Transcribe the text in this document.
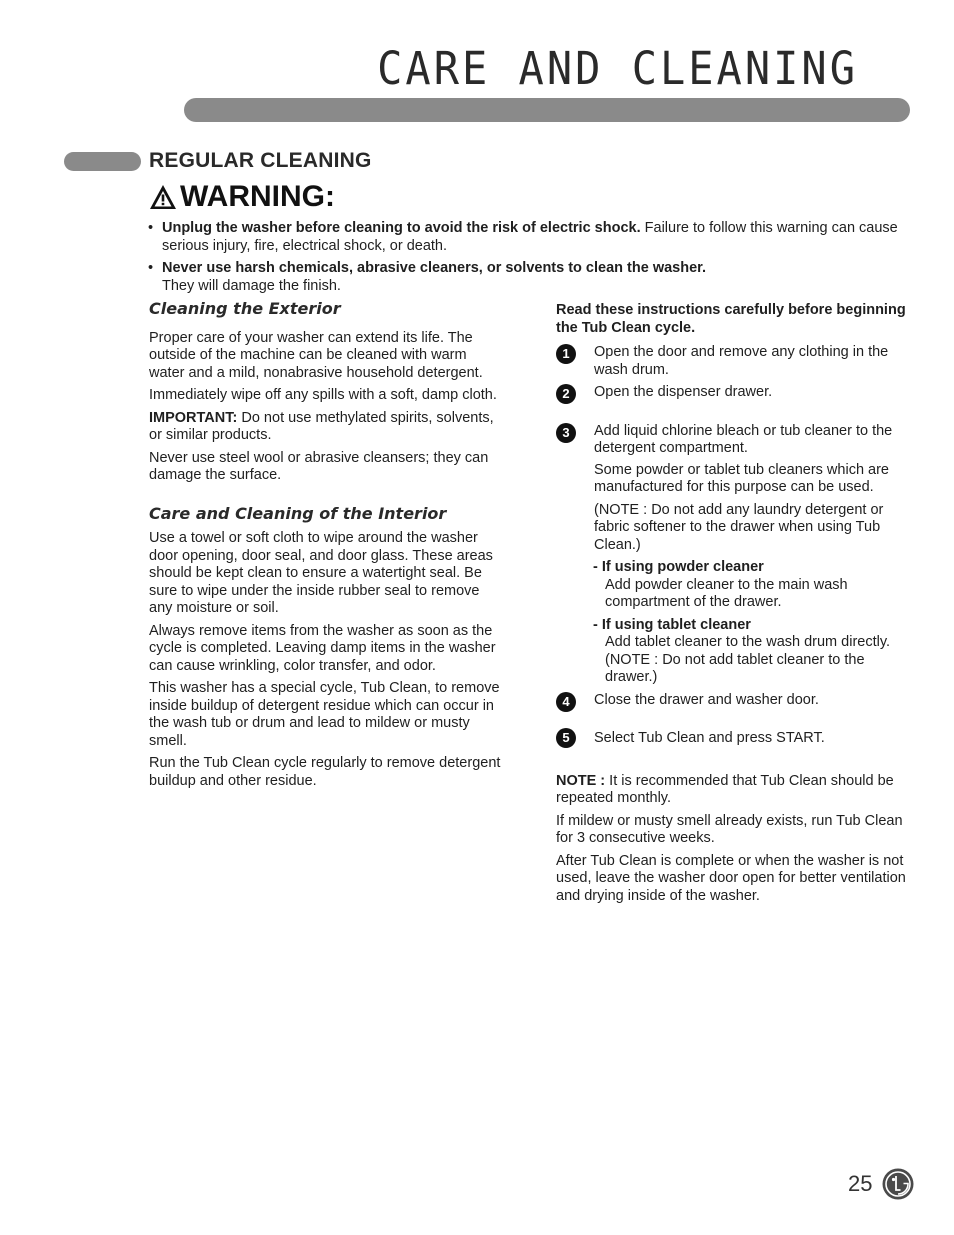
CARE AND CLEANING
REGULAR CLEANING
WARNING:
• Unplug the washer before cleaning to avoid the risk of electric shock. Failure to follow this warning can cause serious injury, fire, electrical shock, or death.
• Never use harsh chemicals, abrasive cleaners, or solvents to clean the washer.
They will damage the finish.
Cleaning the Exterior

Proper care of your washer can extend its life. The outside of the machine can be cleaned with warm water and a mild, nonabrasive household detergent.

Immediately wipe off any spills with a soft, damp cloth.

IMPORTANT: Do not use methylated spirits, solvents, or similar products.

Never use steel wool or abrasive cleansers; they can damage the surface.

Care and Cleaning of the Interior

Use a towel or soft cloth to wipe around the washer door opening, door seal, and door glass. These areas should be kept clean to ensure a watertight seal. Be sure to wipe under the inside rubber seal to remove any moisture or soil.

Always remove items from the washer as soon as the cycle is completed. Leaving damp items in the washer can cause wrinkling, color transfer, and odor.

This washer has a special cycle, Tub Clean, to remove inside buildup of detergent residue which can occur in the wash tub or drum and lead to mildew or musty smell.

Run the Tub Clean cycle regularly to remove detergent buildup and other residue.

Read these instructions carefully before beginning the Tub Clean cycle.

1	Open the door and remove any clothing in the wash drum.
2	Open the dispenser drawer.
3	Add liquid chlorine bleach or tub cleaner to the detergent compartment.

Some powder or tablet tub cleaners which are manufactured for this purpose can be used.

(NOTE : Do not add any laundry detergent or fabric softener to the drawer when using Tub Clean.)

- If using powder cleaner
Add powder cleaner to the main wash compartment of the drawer.
- If using tablet cleaner
Add tablet cleaner to the wash drum directly.
(NOTE : Do not add tablet cleaner to the drawer.)
4	Close the drawer and washer door.
5	Select Tub Clean and press START.

NOTE : It is recommended that Tub Clean should be repeated monthly.

If mildew or musty smell already exists, run Tub Clean for 3 consecutive weeks.

After Tub Clean is complete or when the washer is not used, leave the washer door open for better ventilation and drying inside of the washer.

25
